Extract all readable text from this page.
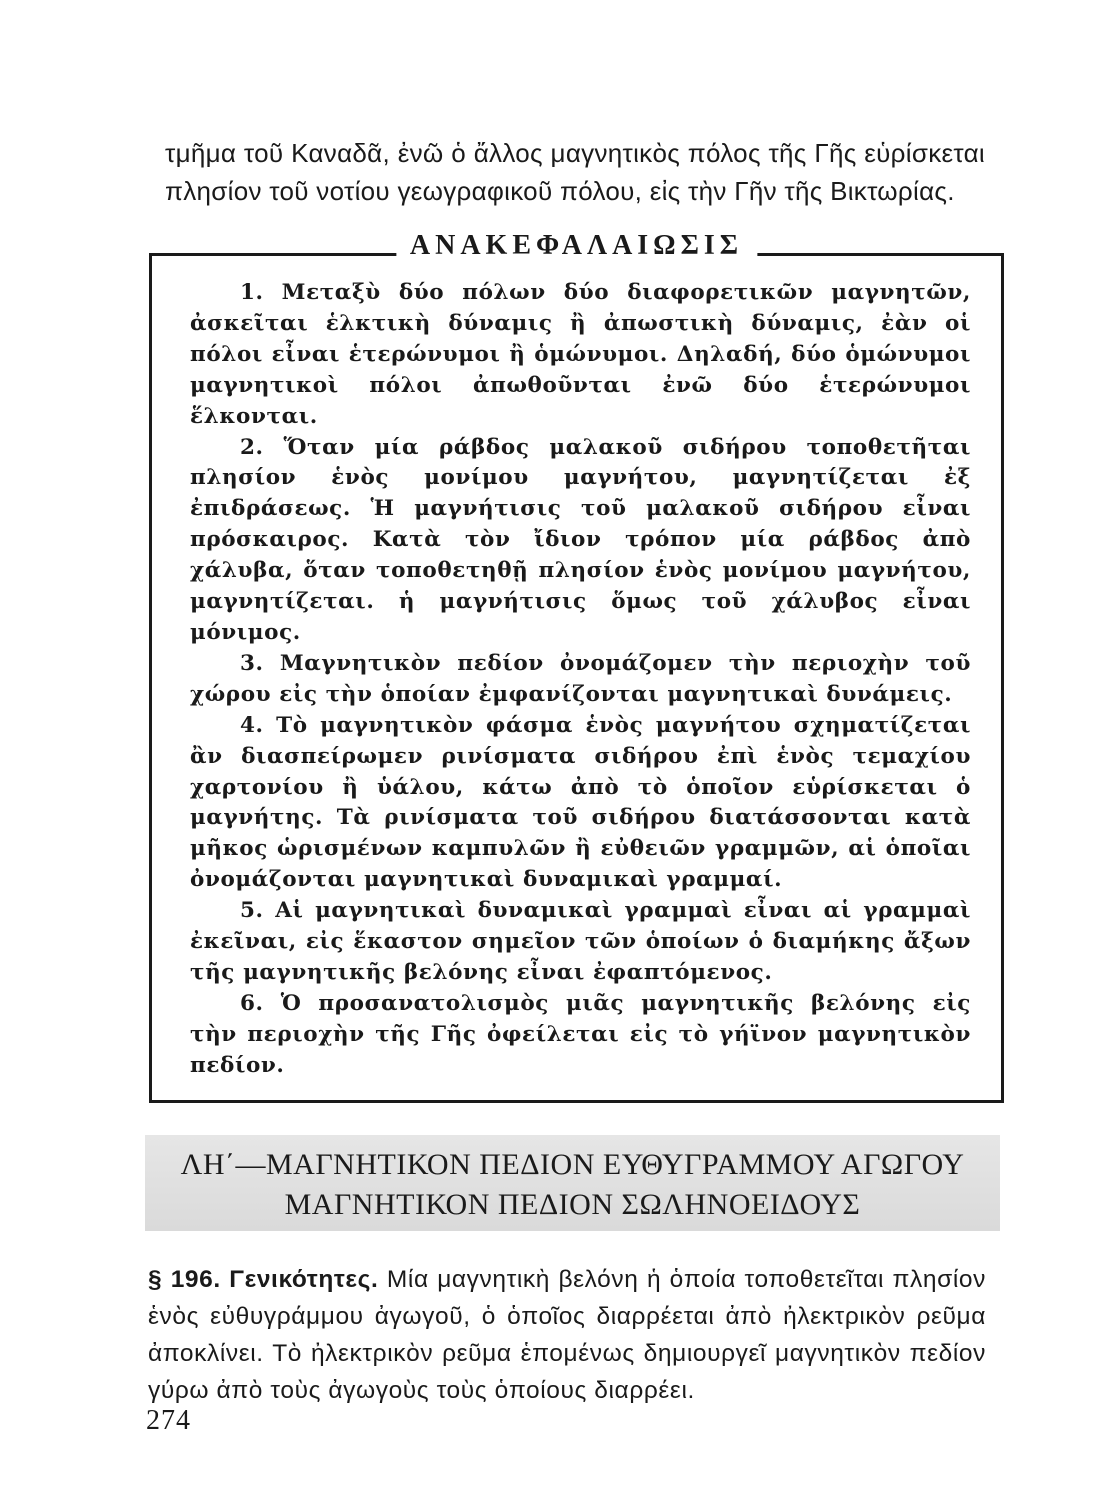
τμῆμα τοῦ Καναδᾶ, ἐνῶ ὁ ἄλλος μαγνητικὸς πόλος τῆς Γῆς εὑρίσκεται πλησίον τοῦ νοτίου γεωγραφικοῦ πόλου, εἰς τὴν Γῆν τῆς Βικτωρίας.

ΑΝΑΚΕΦΑΛΑΙΩΣΙΣ

1. Μεταξὺ δύο πόλων δύο διαφορετικῶν μαγνητῶν, ἀσκεῖται ἑλκτικὴ δύναμις ἢ ἀπωστικὴ δύναμις, ἐὰν οἱ πόλοι εἶναι ἑτερώνυμοι ἢ ὁμώνυμοι. Δηλαδή, δύο ὁμώνυμοι μαγνητικοὶ πόλοι ἀπωθοῦνται ἐνῶ δύο ἑτερώνυμοι ἕλκονται.

2. Ὅταν μία ράβδος μαλακοῦ σιδήρου τοποθετῆται πλησίον ἑνὸς μονίμου μαγνήτου, μαγνητίζεται ἐξ ἐπιδράσεως. Ἡ μαγνήτισις τοῦ μαλακοῦ σιδήρου εἶναι πρόσκαιρος. Κατὰ τὸν ἴδιον τρόπον μία ράβδος ἀπὸ χάλυβα, ὅταν τοποθετηθῇ πλησίον ἑνὸς μονίμου μαγνήτου, μαγνητίζεται. ἡ μαγνήτισις ὅμως τοῦ χάλυβος εἶναι μόνιμος.

3. Μαγνητικὸν πεδίον ὀνομάζομεν τὴν περιοχὴν τοῦ χώρου εἰς τὴν ὁποίαν ἐμφανίζονται μαγνητικαὶ δυνάμεις.

4. Τὸ μαγνητικὸν φάσμα ἑνὸς μαγνήτου σχηματίζεται ἂν διασπείρωμεν ρινίσματα σιδήρου ἐπὶ ἑνὸς τεμαχίου χαρτονίου ἢ ὑάλου, κάτω ἀπὸ τὸ ὁποῖον εὑρίσκεται ὁ μαγνήτης. Τὰ ρινίσματα τοῦ σιδήρου διατάσσονται κατὰ μῆκος ὡρισμένων καμπυλῶν ἢ εὐθειῶν γραμμῶν, αἱ ὁποῖαι ὀνομάζονται μαγνητικαὶ δυναμικαὶ γραμμαί.

5. Αἱ μαγνητικαὶ δυναμικαὶ γραμμαὶ εἶναι αἱ γραμμαὶ ἐκεῖναι, εἰς ἕκαστον σημεῖον τῶν ὁποίων ὁ διαμήκης ἄξων τῆς μαγνητικῆς βελόνης εἶναι ἐφαπτόμενος.

6. Ὁ προσανατολισμὸς μιᾶς μαγνητικῆς βελόνης εἰς τὴν περιοχὴν τῆς Γῆς ὀφείλεται εἰς τὸ γήϊνον μαγνητικὸν πεδίον.

ΛΗ΄—ΜΑΓΝΗΤΙΚΟΝ ΠΕΔΙΟΝ ΕΥΘΥΓΡΑΜΜΟΥ ΑΓΩΓΟΥ
ΜΑΓΝΗΤΙΚΟΝ ΠΕΔΙΟΝ ΣΩΛΗΝΟΕΙΔΟΥΣ

§ 196. Γενικότητες. Μία μαγνητικὴ βελόνη ἡ ὁποία τοποθετεῖται πλησίον ἑνὸς εὐθυγράμμου ἀγωγοῦ, ὁ ὁποῖος διαρρέεται ἀπὸ ἠλεκτρικὸν ρεῦμα ἀποκλίνει. Τὸ ἠλεκτρικὸν ρεῦμα ἑπομένως δημιουργεῖ μαγνητικὸν πεδίον γύρω ἀπὸ τοὺς ἀγωγοὺς τοὺς ὁποίους διαρρέει.

274
